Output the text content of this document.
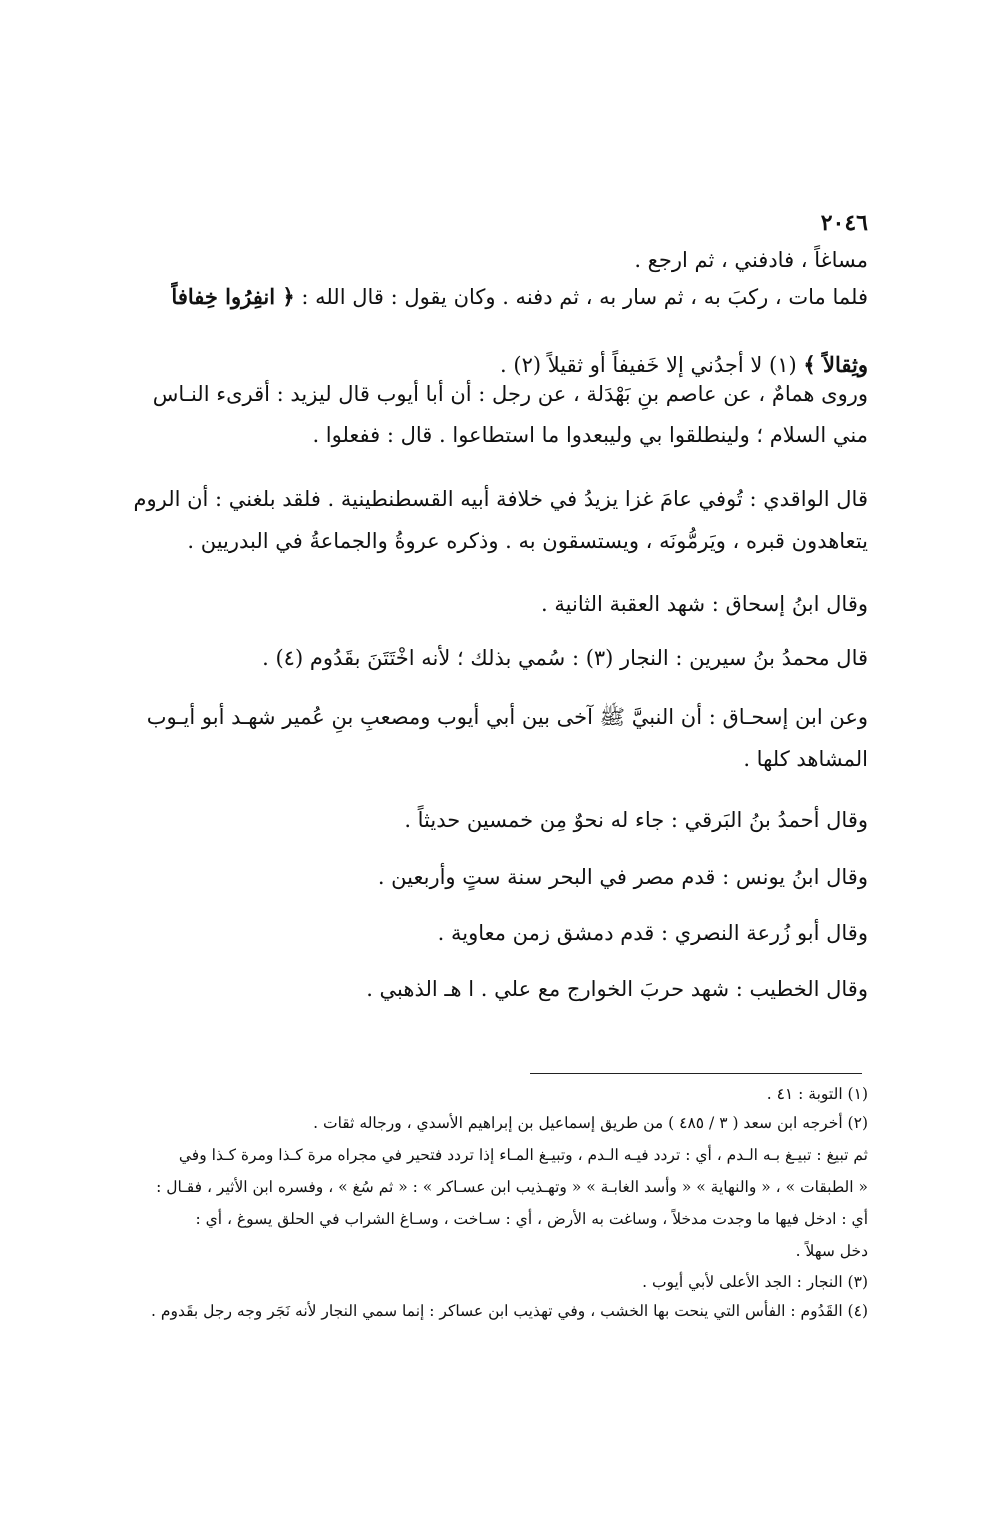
٢٠٤٦
مساغاً ، فادفني ، ثم ارجع .
فلما مات ، ركبَ به ، ثم سار به ، ثم دفنه . وكان يقول : قال الله : ﴿ انفِرُوا خِفافاً
وثِقالاً ﴾ (١) لا أجدُني إلا خَفيفاً أو ثقيلاً (٢) .
وروى همامٌ ، عن عاصم بنِ بَهْدَلة ، عن رجل : أن أبا أيوب قال ليزيد : أقرىء النـاس
مني السلام ؛ ولينطلقوا بي وليبعدوا ما استطاعوا . قال : ففعلوا .
قال الواقدي : تُوفي عامَ غزا يزيدُ في خلافة أبيه القسطنطينية . فلقد بلغني : أن الروم
يتعاهدون قبره ، ويَرمُّونَه ، ويستسقون به . وذكره عروةُ والجماعةُ في البدريين .
وقال ابنُ إسحاق : شهد العقبة الثانية .
قال محمدُ بنُ سيرين : النجار (٣) : سُمي بذلك ؛ لأنه اخْتَتَنَ بقَدُوم (٤) .
وعن ابن إسحـاق : أن النبيَّ ﷺ آخى بين أبي أيوب ومصعبِ بنِ عُمير شهـد أبو أيـوب
المشاهد كلها .
وقال أحمدُ بنُ البَرقي : جاء له نحوٌ مِن خمسين حديثاً .
وقال ابنُ يونس : قدم مصر في البحر سنة ستٍ وأربعين .
وقال أبو زُرعة النصري : قدم دمشق زمن معاوية .
وقال الخطيب : شهد حربَ الخوارج مع علي . ا هـ الذهبي .
(١) التوبة : ٤١ .
(٢) أخرجه ابن سعد ( ٣ / ٤٨٥ ) من طريق إسماعيل بن إبراهيم الأسدي ، ورجاله ثقات .
ثم تبيغ : تبيـغ بـه الـدم ، أي : تردد فيـه الـدم ، وتبيـغ المـاء إذا تردد فتحير في مجراه مرة كـذا ومرة كـذا وفي
« الطبقات » ، « والنهاية » « وأسد الغابـة » « وتهـذيب ابن عسـاكر » : « ثم سُغ » ، وفسره ابن الأثير ، فقـال :
أي : ادخل فيها ما وجدت مدخلاً ، وساغت به الأرض ، أي : سـاخت ، وسـاغ الشراب في الحلق يسوغ ، أي :
دخل سهلاً .
(٣) النجار : الجد الأعلى لأبي أيوب .
(٤) القَدُوم : الفأس التي ينحت بها الخشب ، وفي تهذيب ابن عساكر : إنما سمي النجار لأنه نَجَر وجه رجل بقَدوم .
